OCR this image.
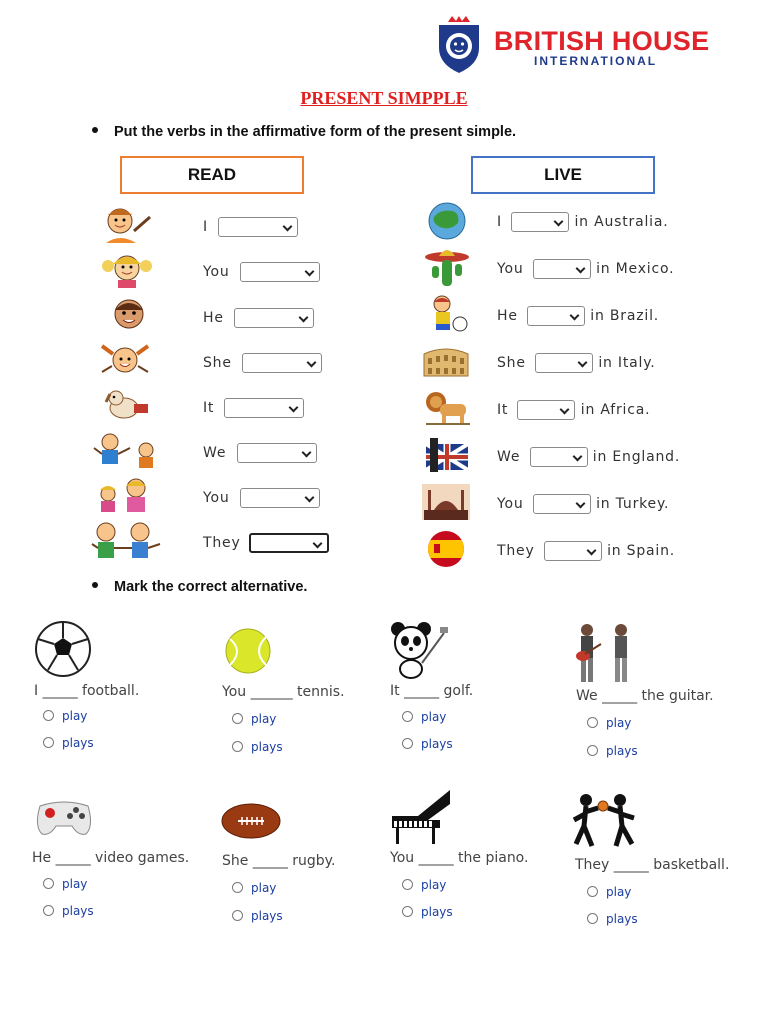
BRITISH HOUSE
INTERNATIONAL
PRESENT SIMPPLE
Put the verbs in the affirmative form of the present simple.
READ	LIVE
I
You
He
She
It
We
You
They
I	in Australia.
You	in Mexico.
He	in Brazil.
She	in Italy.
It	in Africa.
We	in England.
You	in Turkey.
They	in Spain.
Mark the correct alternative.
I _____ football.
play
plays
You ______ tennis.
play
plays
It _____ golf.
play
plays
We _____ the guitar.
play
plays
He _____ video games.
play
plays
She _____ rugby.
play
plays
You _____ the piano.
play
plays
They _____ basketball.
play
plays
